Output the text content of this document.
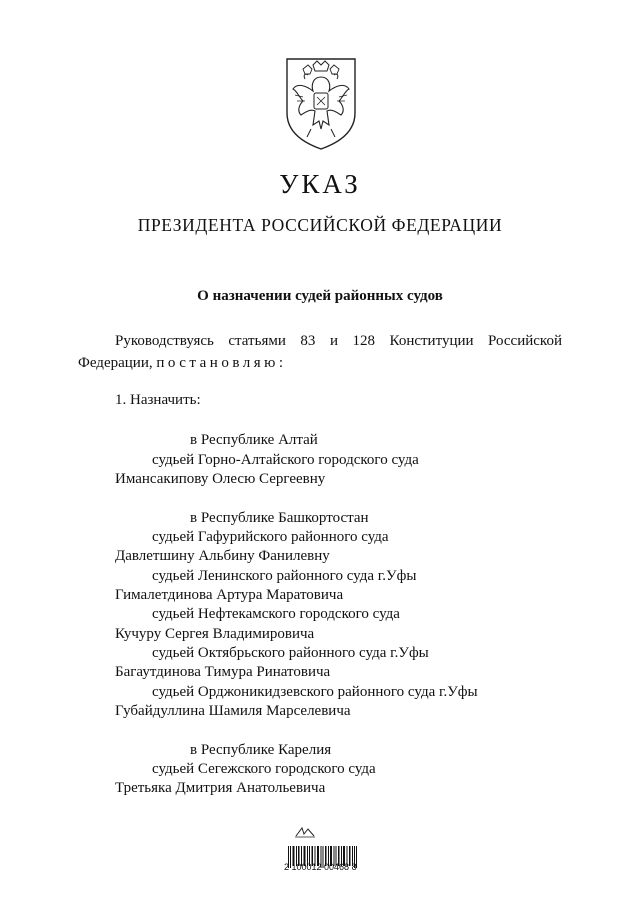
УКАЗ
ПРЕЗИДЕНТА РОССИЙСКОЙ ФЕДЕРАЦИИ
О назначении судей районных судов
Руководствуясь статьями 83 и 128 Конституции Российской
Федерации, постановляю:
1. Назначить:
в Республике Алтай
судьей Горно-Алтайского городского суда
Имансакипову Олесю Сергеевну
в Республике Башкортостан
судьей Гафурийского районного суда
Давлетшину Альбину Фанилевну
судьей Ленинского районного суда г.Уфы
Гималетдинова Артура Маратовича
судьей Нефтекамского городского суда
Кучуру Сергея Владимировича
судьей Октябрьского районного суда г.Уфы
Багаутдинова Тимура Ринатовича
судьей Орджоникидзевского районного суда г.Уфы
Губайдуллина Шамиля Марселевича
в Республике Карелия
судьей Сегежского городского суда
Третьяка Дмитрия Анатольевича
2 100012 00468 8
